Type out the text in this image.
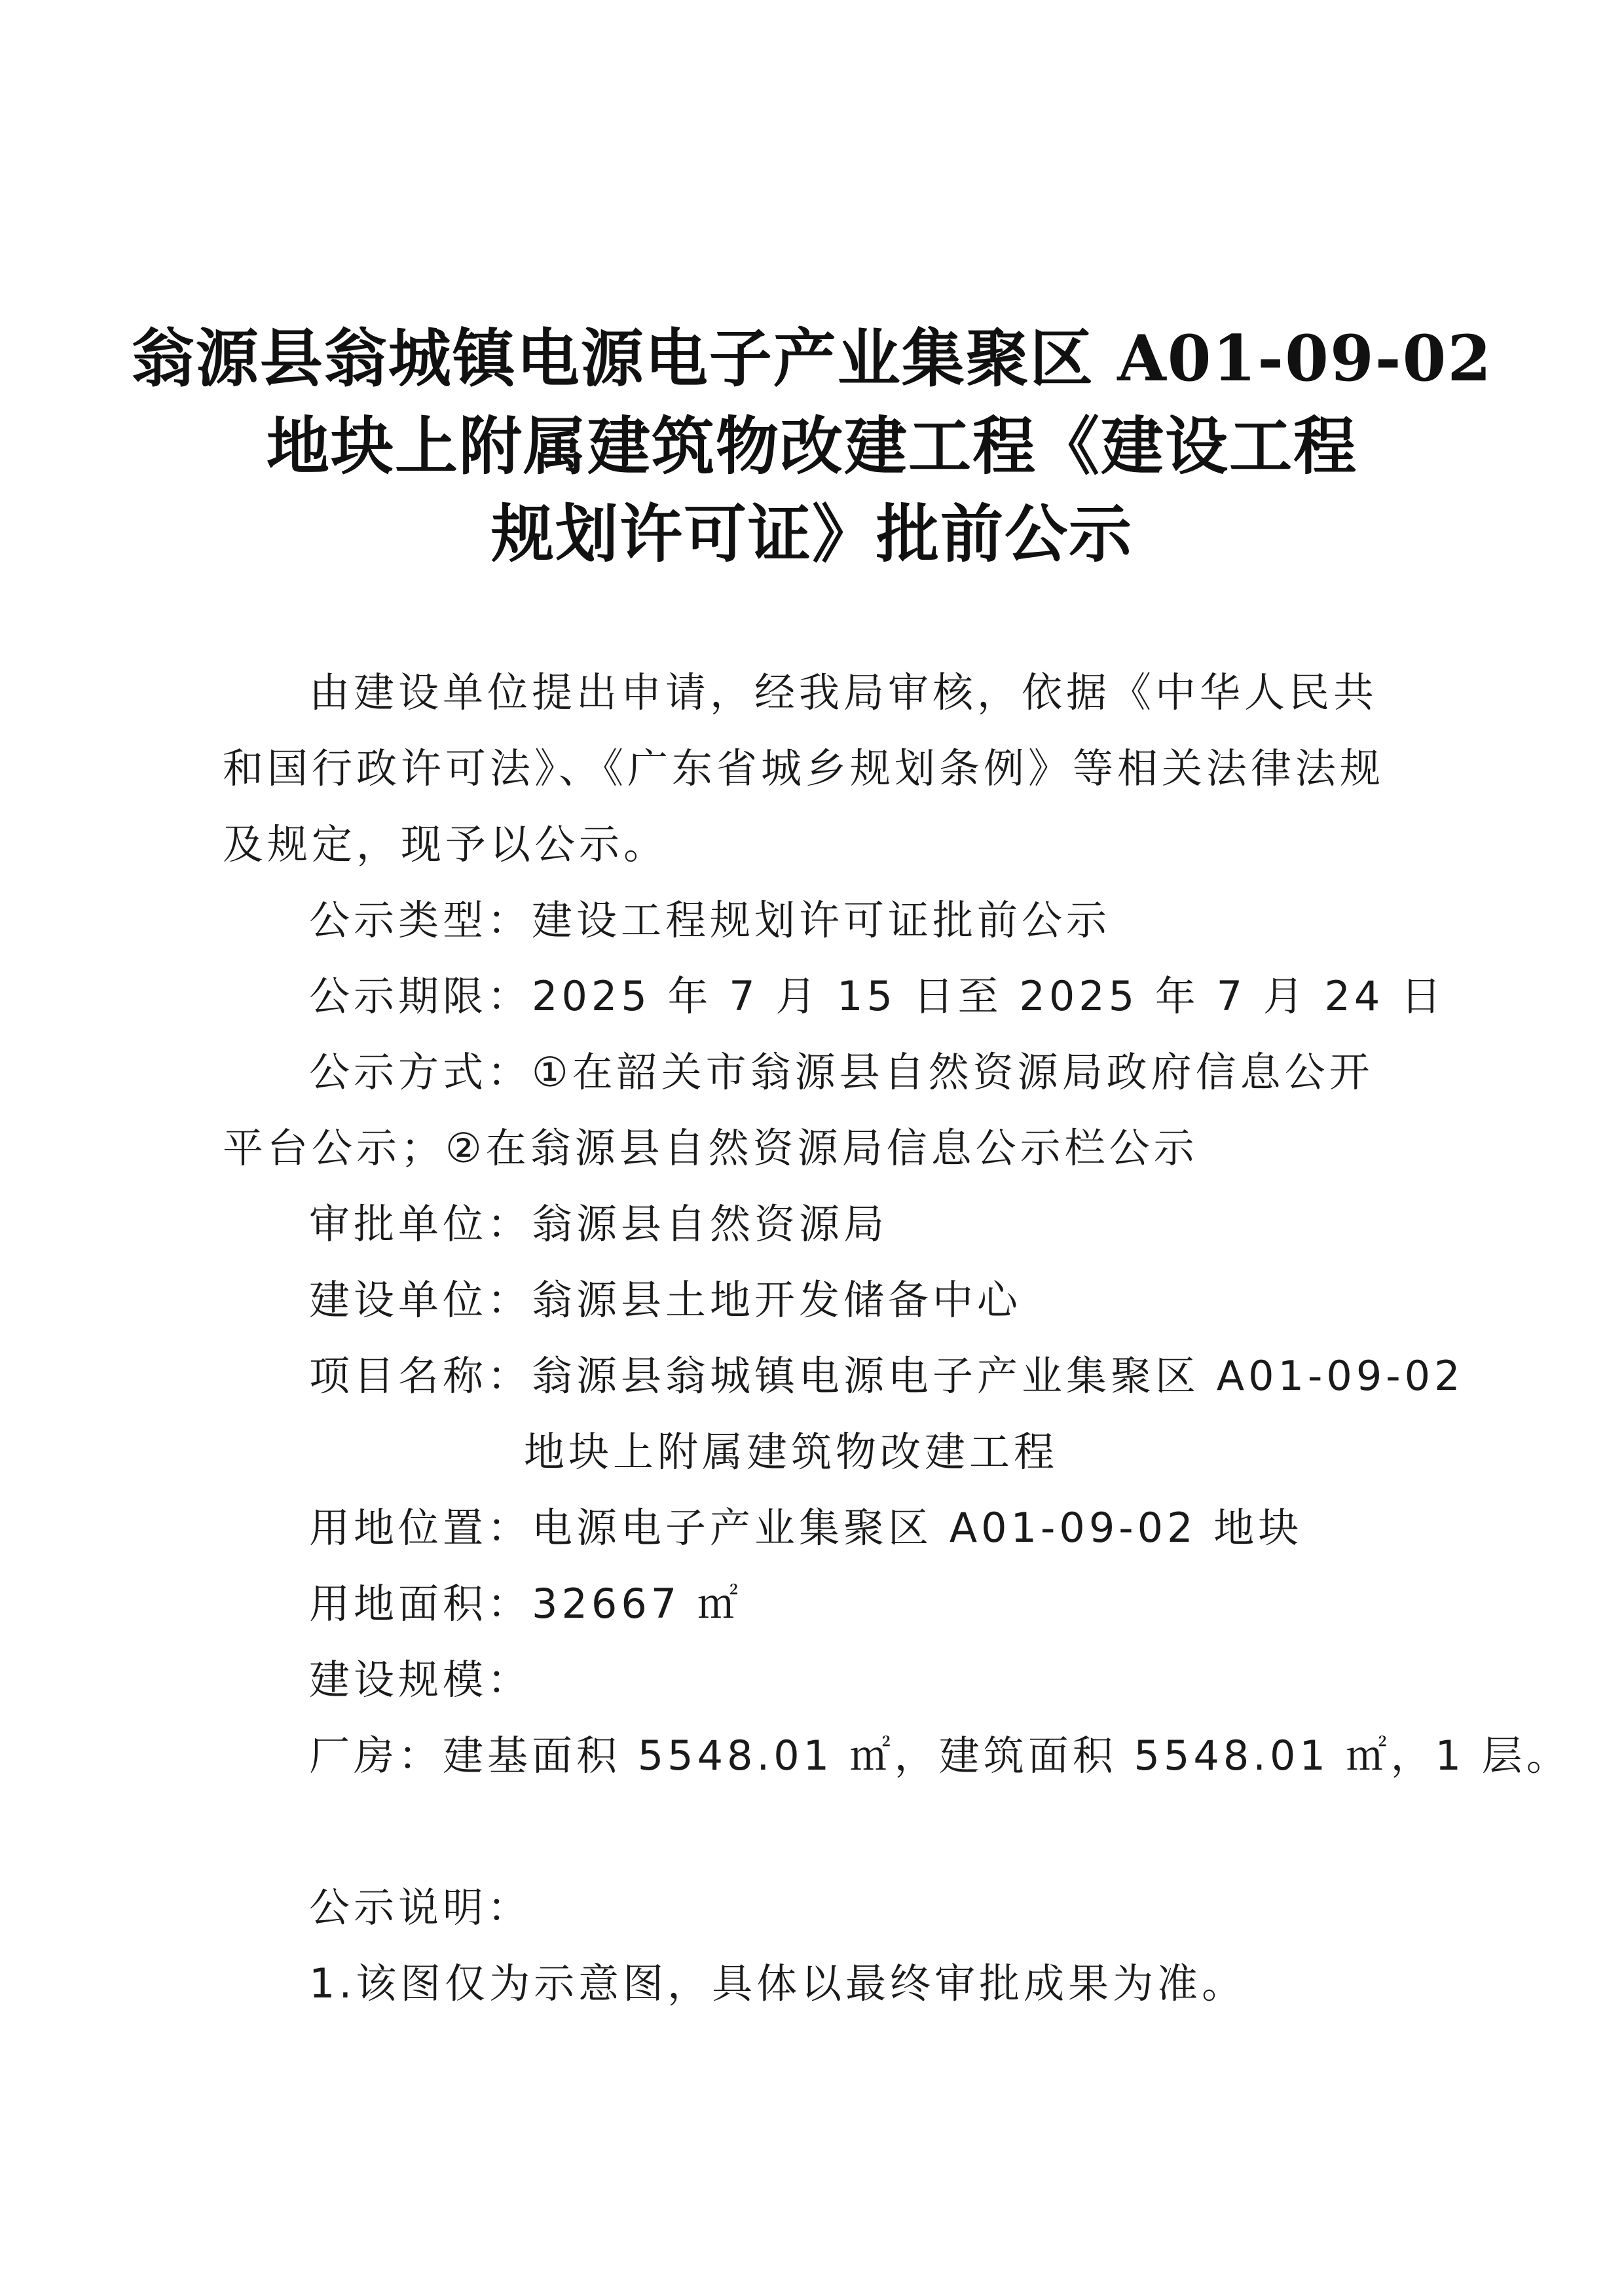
翁源县翁城镇电源电子产业集聚区 A01-09-02
地块上附属建筑物改建工程《建设工程
规划许可证》批前公示
由建设单位提出申请，经我局审核，依据《中华人民共和国行政许可法》、《广东省城乡规划条例》等相关法律法规及规定，现予以公示。
公示类型：建设工程规划许可证批前公示
公示期限：2025 年 7 月 15 日至 2025 年 7 月 24 日
公示方式：①在韶关市翁源县自然资源局政府信息公开平台公示；②在翁源县自然资源局信息公示栏公示
审批单位：翁源县自然资源局
建设单位：翁源县土地开发储备中心
项目名称：翁源县翁城镇电源电子产业集聚区 A01-09-02
地块上附属建筑物改建工程
用地位置：电源电子产业集聚区 A01-09-02 地块
用地面积：32667 ㎡
建设规模：
厂房：建基面积 5548.01 ㎡，建筑面积 5548.01 ㎡，1 层。
公示说明：
1.该图仅为示意图，具体以最终审批成果为准。
